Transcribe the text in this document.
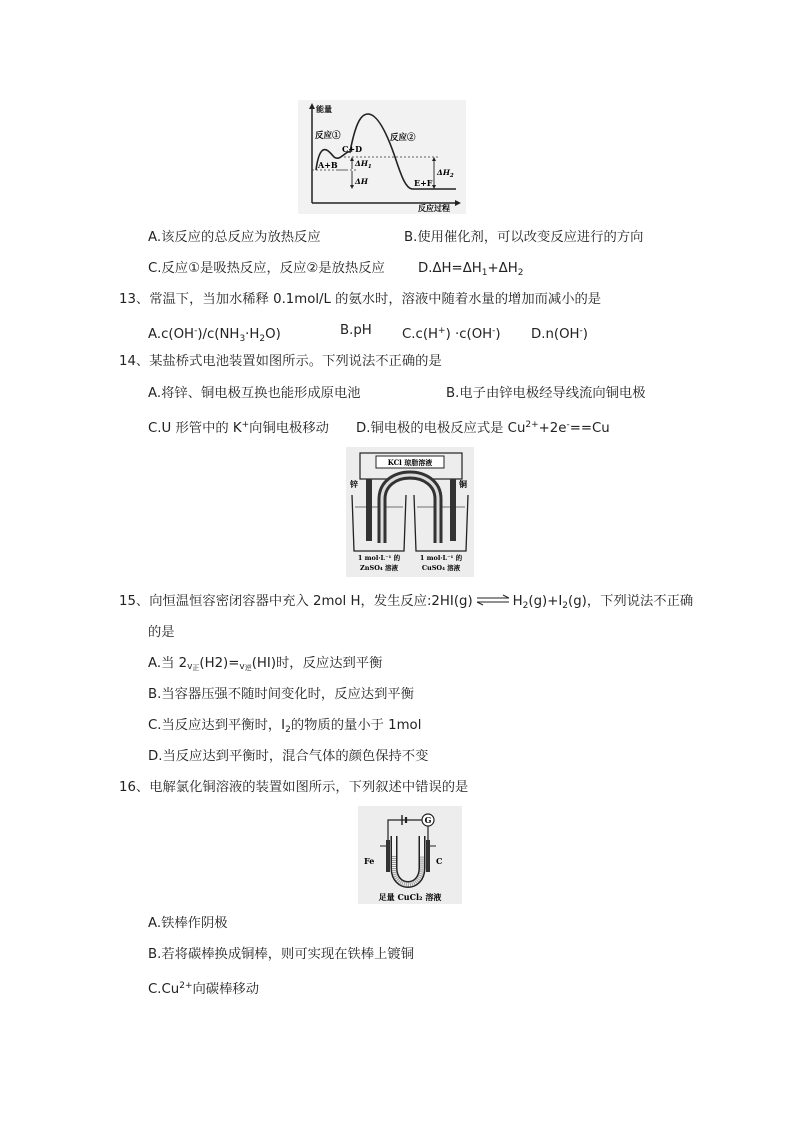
能量
反应过程
反应①	反应②
C+D
A+B
E+F
$\Delta H_1$
ΔH
$\Delta H_2$
A.该反应的总反应为放热反应	B.使用催化剂，可以改变反应进行的方向
C.反应①是吸热反应，反应②是放热反应 $D.\Delta H=\Delta H_1+\Delta H_2$
13、常温下，当加水稀释 0.1mol/L 的氨水时，溶液中随着水量的增加而减小的是
$A.c(OH^-)/c(NH_3\cdot H_2O)$	B.pH C.c(H+) ·c(OH-) D.n(OH-)
14、某盐桥式电池装置如图所示。下列说法不正确的是
A.将锌、铜电极互换也能形成原电池	B.电子由锌电极经导线流向铜电极
C.U 形管中的 K+向铜电极移动 D.铜电极的电极反应式是 $Cu^{2+}+2e^-==Cu$
KCl 琼脂溶液
锌	铜
1 mol·L⁻¹ 的
ZnSO₄ 溶液
1 mol·L⁻¹ 的
CuSO₄ 溶液
15、向恒温恒容密闭容器中充入 2mol H，发生反应:2HI(g) ⇌ $H_2(g)+I_2(g)$，下列说法不正确
的是
A.当 $2v_正(H2)=v_逆(HI)$时，反应达到平衡
B.当容器压强不随时间变化时，反应达到平衡
C.当反应达到平衡时，$I_2$的物质的量小于 1mol
D.当反应达到平衡时，混合气体的颜色保持不变
16、电解氯化铜溶液的装置如图所示，下列叙述中错误的是
G
Fe	C
足量 CuCl₂ 溶液
A.铁棒作阴极
B.若将碳棒换成铜棒，则可实现在铁棒上镀铜
$C.Cu^{2+}$向碳棒移动
